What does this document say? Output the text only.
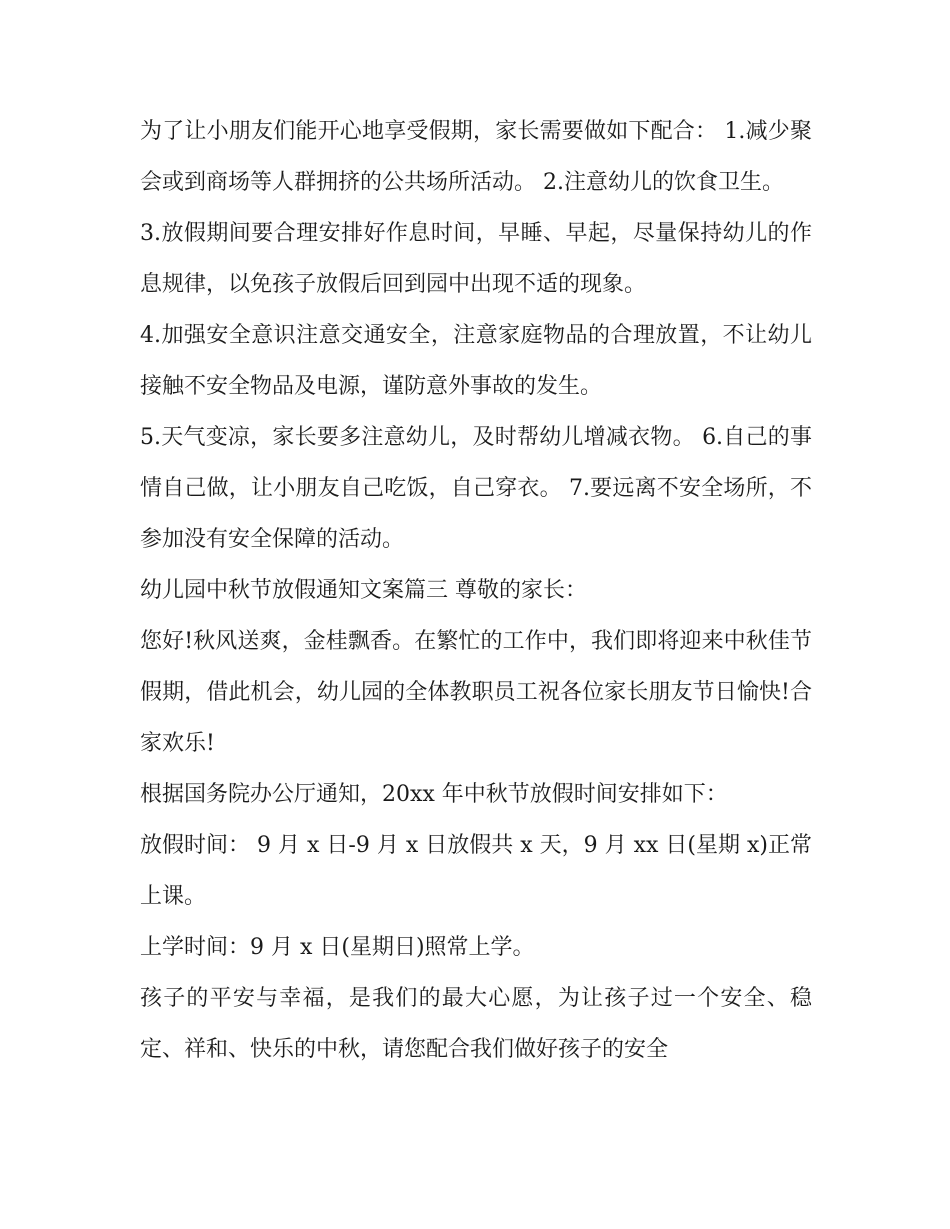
为了让小朋友们能开心地享受假期，家长需要做如下配合： 1.减少聚会或到商场等人群拥挤的公共场所活动。 2.注意幼儿的饮食卫生。

3.放假期间要合理安排好作息时间，早睡、早起，尽量保持幼儿的作息规律，以免孩子放假后回到园中出现不适的现象。

4.加强安全意识注意交通安全，注意家庭物品的合理放置，不让幼儿接触不安全物品及电源，谨防意外事故的发生。

5.天气变凉，家长要多注意幼儿，及时帮幼儿增减衣物。 6.自己的事情自己做，让小朋友自己吃饭，自己穿衣。 7.要远离不安全场所，不参加没有安全保障的活动。

幼儿园中秋节放假通知文案篇三 尊敬的家长：

您好!秋风送爽，金桂飘香。在繁忙的工作中，我们即将迎来中秋佳节假期，借此机会，幼儿园的全体教职员工祝各位家长朋友节日愉快!合家欢乐!

根据国务院办公厅通知，20xx 年中秋节放假时间安排如下：

放假时间： 9 月 x 日-9 月 x 日放假共 x 天，9 月 xx 日(星期 x)正常上课。

上学时间：9 月 x 日(星期日)照常上学。

孩子的平安与幸福，是我们的最大心愿，为让孩子过一个安全、稳定、祥和、快乐的中秋，请您配合我们做好孩子的安全
